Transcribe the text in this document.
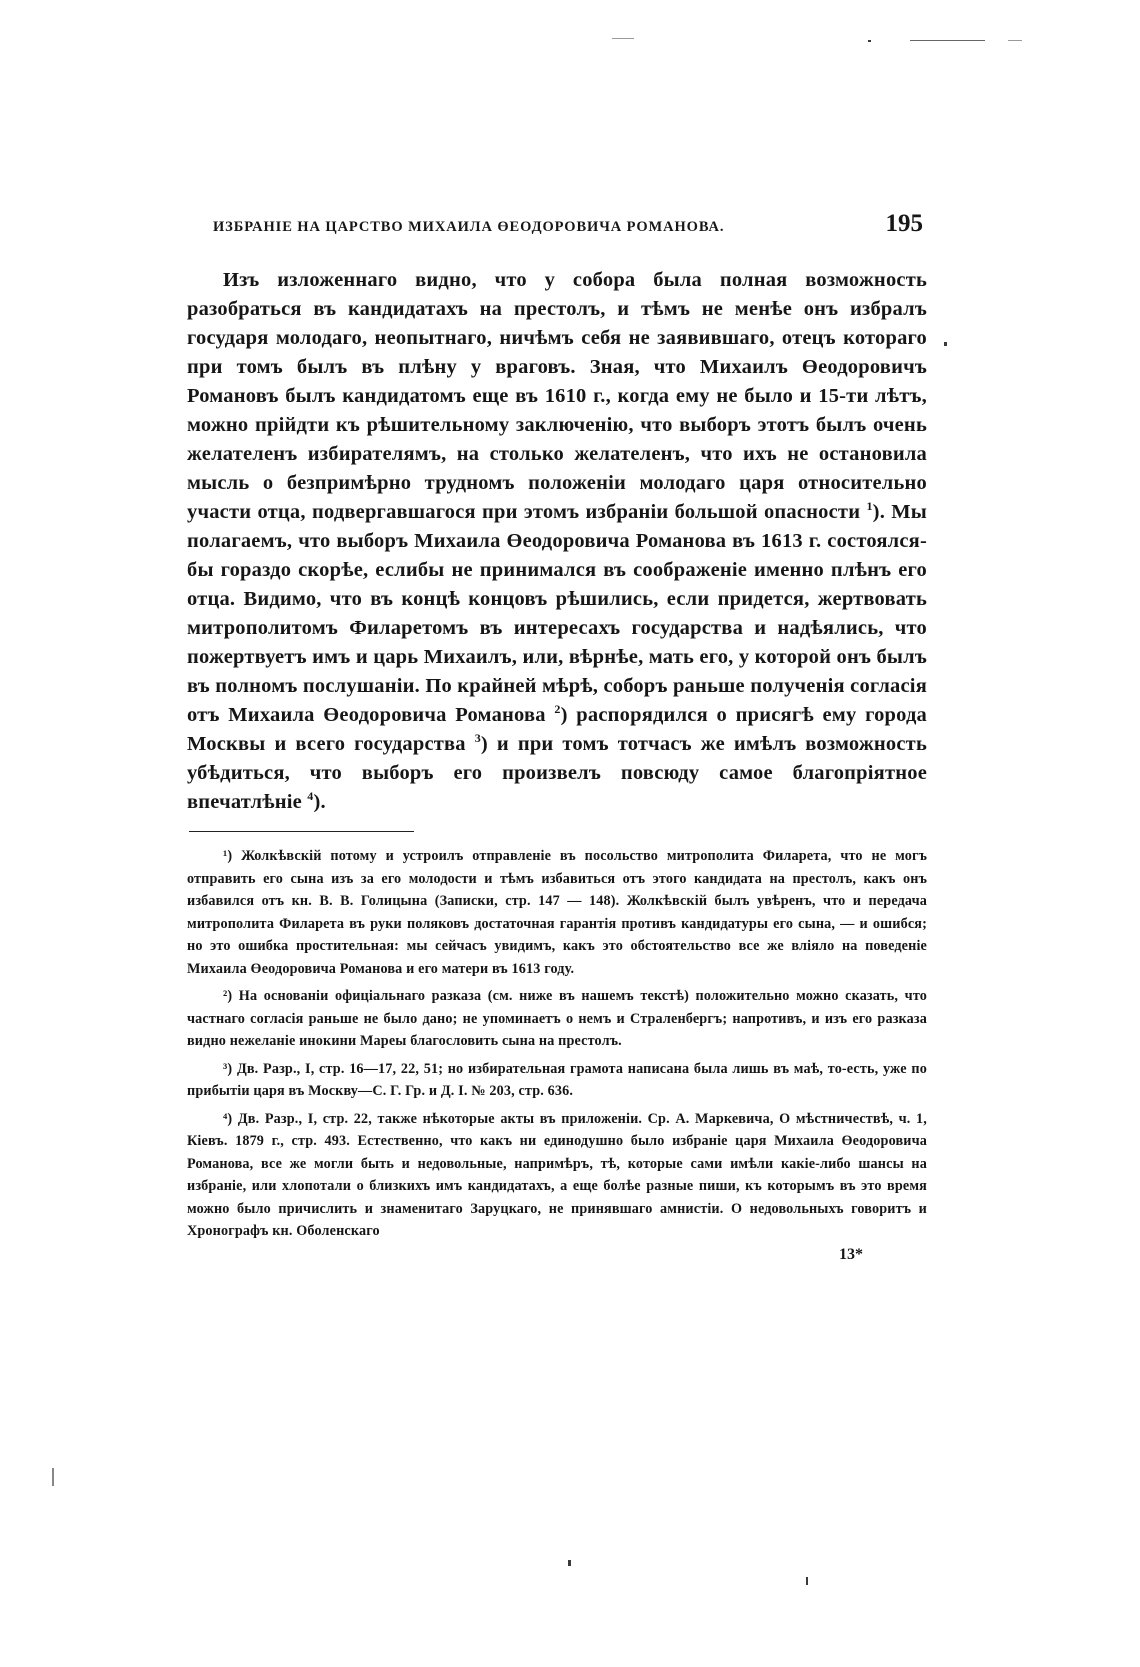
ИЗБРАНІЕ НА ЦАРСТВО МИХАИЛА ӨЕОДОРОВИЧА РОМАНОВА.	195

Изъ изложеннаго видно, что у собора была полная возможность разобраться въ кандидатахъ на престолъ, и тѣмъ не менѣе онъ избралъ государя молодаго, неопытнаго, ничѣмъ себя не заявившаго, отецъ котораго при томъ былъ въ плѣну у враговъ. Зная, что Михаилъ Өеодоровичъ Романовъ былъ кандидатомъ еще въ 1610 г., когда ему не было и 15-ти лѣтъ, можно прійдти къ рѣшительному заключенію, что выборъ этотъ былъ очень желателенъ избирателямъ, на столько желателенъ, что ихъ не остановила мысль о безпримѣрно трудномъ положеніи молодаго царя относительно участи отца, подвергавшагося при этомъ избраніи большой опасности $^1$). Мы полагаемъ, что выборъ Михаила Өеодоровича Романова въ 1613 г. состоялся-бы гораздо скорѣе, еслибы не принимался въ соображеніе именно плѣнъ его отца. Видимо, что въ концѣ концовъ рѣшились, если придется, жертвовать митрополитомъ Филаретомъ въ интересахъ государства и надѣялись, что пожертвуетъ имъ и царь Михаилъ, или, вѣрнѣе, мать его, у которой онъ былъ въ полномъ послушаніи. По крайней мѣрѣ, соборъ раньше полученія согласія отъ Михаила Өеодоровича Романова $^2$) распорядился о присягѣ ему города Москвы и всего государства $^3$) и при томъ тотчасъ же имѣлъ возможность убѣдиться, что выборъ его произвелъ повсюду самое благопріятное впечатлѣніе $^4$).

¹) Жолкѣвскій потому и устроилъ отправленіе въ посольство митрополита Филарета, что не могъ отправить его сына изъ за его молодости и тѣмъ избавиться отъ этого кандидата на престолъ, какъ онъ избавился отъ кн. В. В. Голицына (Записки, стр. 147 — 148). Жолкѣвскій былъ увѣренъ, что и передача митрополита Филарета въ руки поляковъ достаточная гарантія противъ кандидатуры его сына, — и ошибся; но это ошибка простительная: мы сейчасъ увидимъ, какъ это обстоятельство все же вліяло на поведеніе Михаила Өеодоровича Романова и его матери въ 1613 году.

²) На основаніи офиціальнаго разказа (см. ниже въ нашемъ текстѣ) положительно можно сказать, что частнаго согласія раньше не было дано; не упоминаетъ о немъ и Страленбергъ; напротивъ, и изъ его разказа видно нежеланіе инокини Мареы благословить сына на престолъ.

³) Дв. Разр., I, стр. 16—17, 22, 51; но избирательная грамота написана была лишь въ маѣ, то-есть, уже по прибытіи царя въ Москву—С. Г. Гр. и Д. I. № 203, стр. 636.

⁴) Дв. Разр., I, стр. 22, также нѣкоторые акты въ приложеніи. Ср. А. Маркевича, О мѣстничествѣ, ч. 1, Кіевъ. 1879 г., стр. 493. Естественно, что какъ ни единодушно было избраніе царя Михаила Өеодоровича Романова, все же могли быть и недовольные, напримѣръ, тѣ, которые сами имѣли какіе-либо шансы на избраніе, или хлопотали о близкихъ имъ кандидатахъ, а еще болѣе разные пиши, къ которымъ въ это время можно было причислить и знаменитаго Заруцкаго, не принявшаго амнистіи. О недовольныхъ говоритъ и Хронографъ кн. Оболенскаго

13*
